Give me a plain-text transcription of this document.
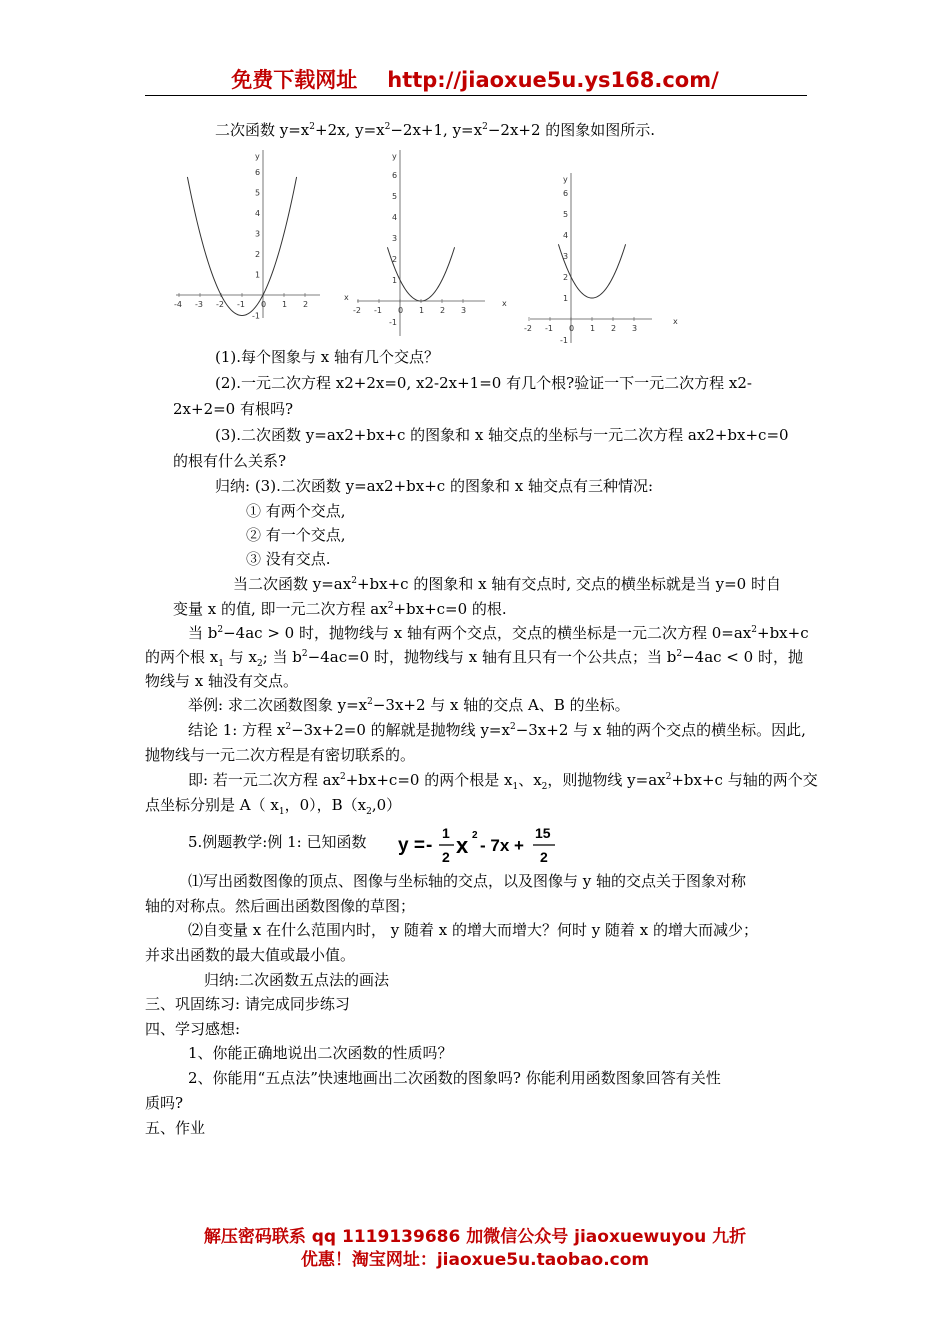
免费下载网址 http://jiaoxue5u.ys168.com/
二次函数 $y=x^2+2x$, $y=x^2-2x+1$, $y=x^2-2x+2$ 的图象如图所示.
-4 -3 -2 -1 0 1 2
x
6
5
4
3
2
1
-1
y
-2 -1 0 1 2 3
x
6
5
4
3
2
1
-1
y
-2 -1 0 1 2 3
x
6
5
4
3
2
1
-1
y
(1).每个图象与 x 轴有几个交点？
(2).一元二次方程 x2+2x=0, x2-2x+1=0 有几个根?验证一下一元二次方程 x2-
2x+2=0 有根吗?
(3).二次函数 y=ax2+bx+c 的图象和 x 轴交点的坐标与一元二次方程 ax2+bx+c=0
的根有什么关系?
归纳: (3).二次函数 y=ax2+bx+c 的图象和 x 轴交点有三种情况:
① 有两个交点,
② 有一个交点,
③ 没有交点.
当二次函数 $y=ax^2+bx+c$ 的图象和 x 轴有交点时, 交点的横坐标就是当 y=0 时自
变量 x 的值, 即一元二次方程 $ax^2+bx+c=0$ 的根.
当 $b^2-4ac > 0$ 时，抛物线与 x 轴有两个交点，交点的横坐标是一元二次方程 $0=ax^2+bx+c$
的两个根 $x_1$ 与 $x_2$; 当 $b^2-4ac=0$ 时，抛物线与 x 轴有且只有一个公共点；当 $b^2-4ac < 0$ 时，抛
物线与 x 轴没有交点。
举例: 求二次函数图象 $y=x^2-3x+2$ 与 x 轴的交点 A、B 的坐标。
结论 1: 方程 $x^2-3x+2=0$ 的解就是抛物线 $y=x^2-3x+2$ 与 x 轴的两个交点的横坐标。因此,
抛物线与一元二次方程是有密切联系的。
即: 若一元二次方程 $ax^2+bx+c=0$ 的两个根是 $x_1$、$x_2$，则抛物线 $y=ax^2+bx+c$ 与轴的两个交
点坐标分别是 A（ $x_1$，0），$B(x_2,0)$
5.例题教学:例 1: 已知函数 y = -
1
2 x 2
- 7x +
15
2
⑴写出函数图像的顶点、图像与坐标轴的交点，以及图像与 y 轴的交点关于图象对称
轴的对称点。然后画出函数图像的草图；
⑵自变量 x 在什么范围内时， y 随着 x 的增大而增大？何时 y 随着 x 的增大而减少；
并求出函数的最大值或最小值。
归纳:二次函数五点法的画法
三、巩固练习: 请完成同步练习
四、学习感想:
1、你能正确地说出二次函数的性质吗？
2、你能用“五点法”快速地画出二次函数的图象吗? 你能利用函数图象回答有关性
质吗?
五、作业
解压密码联系 qq 1119139686 加微信公众号 jiaoxuewuyou 九折
优惠！淘宝网址：jiaoxue5u.taobao.com
